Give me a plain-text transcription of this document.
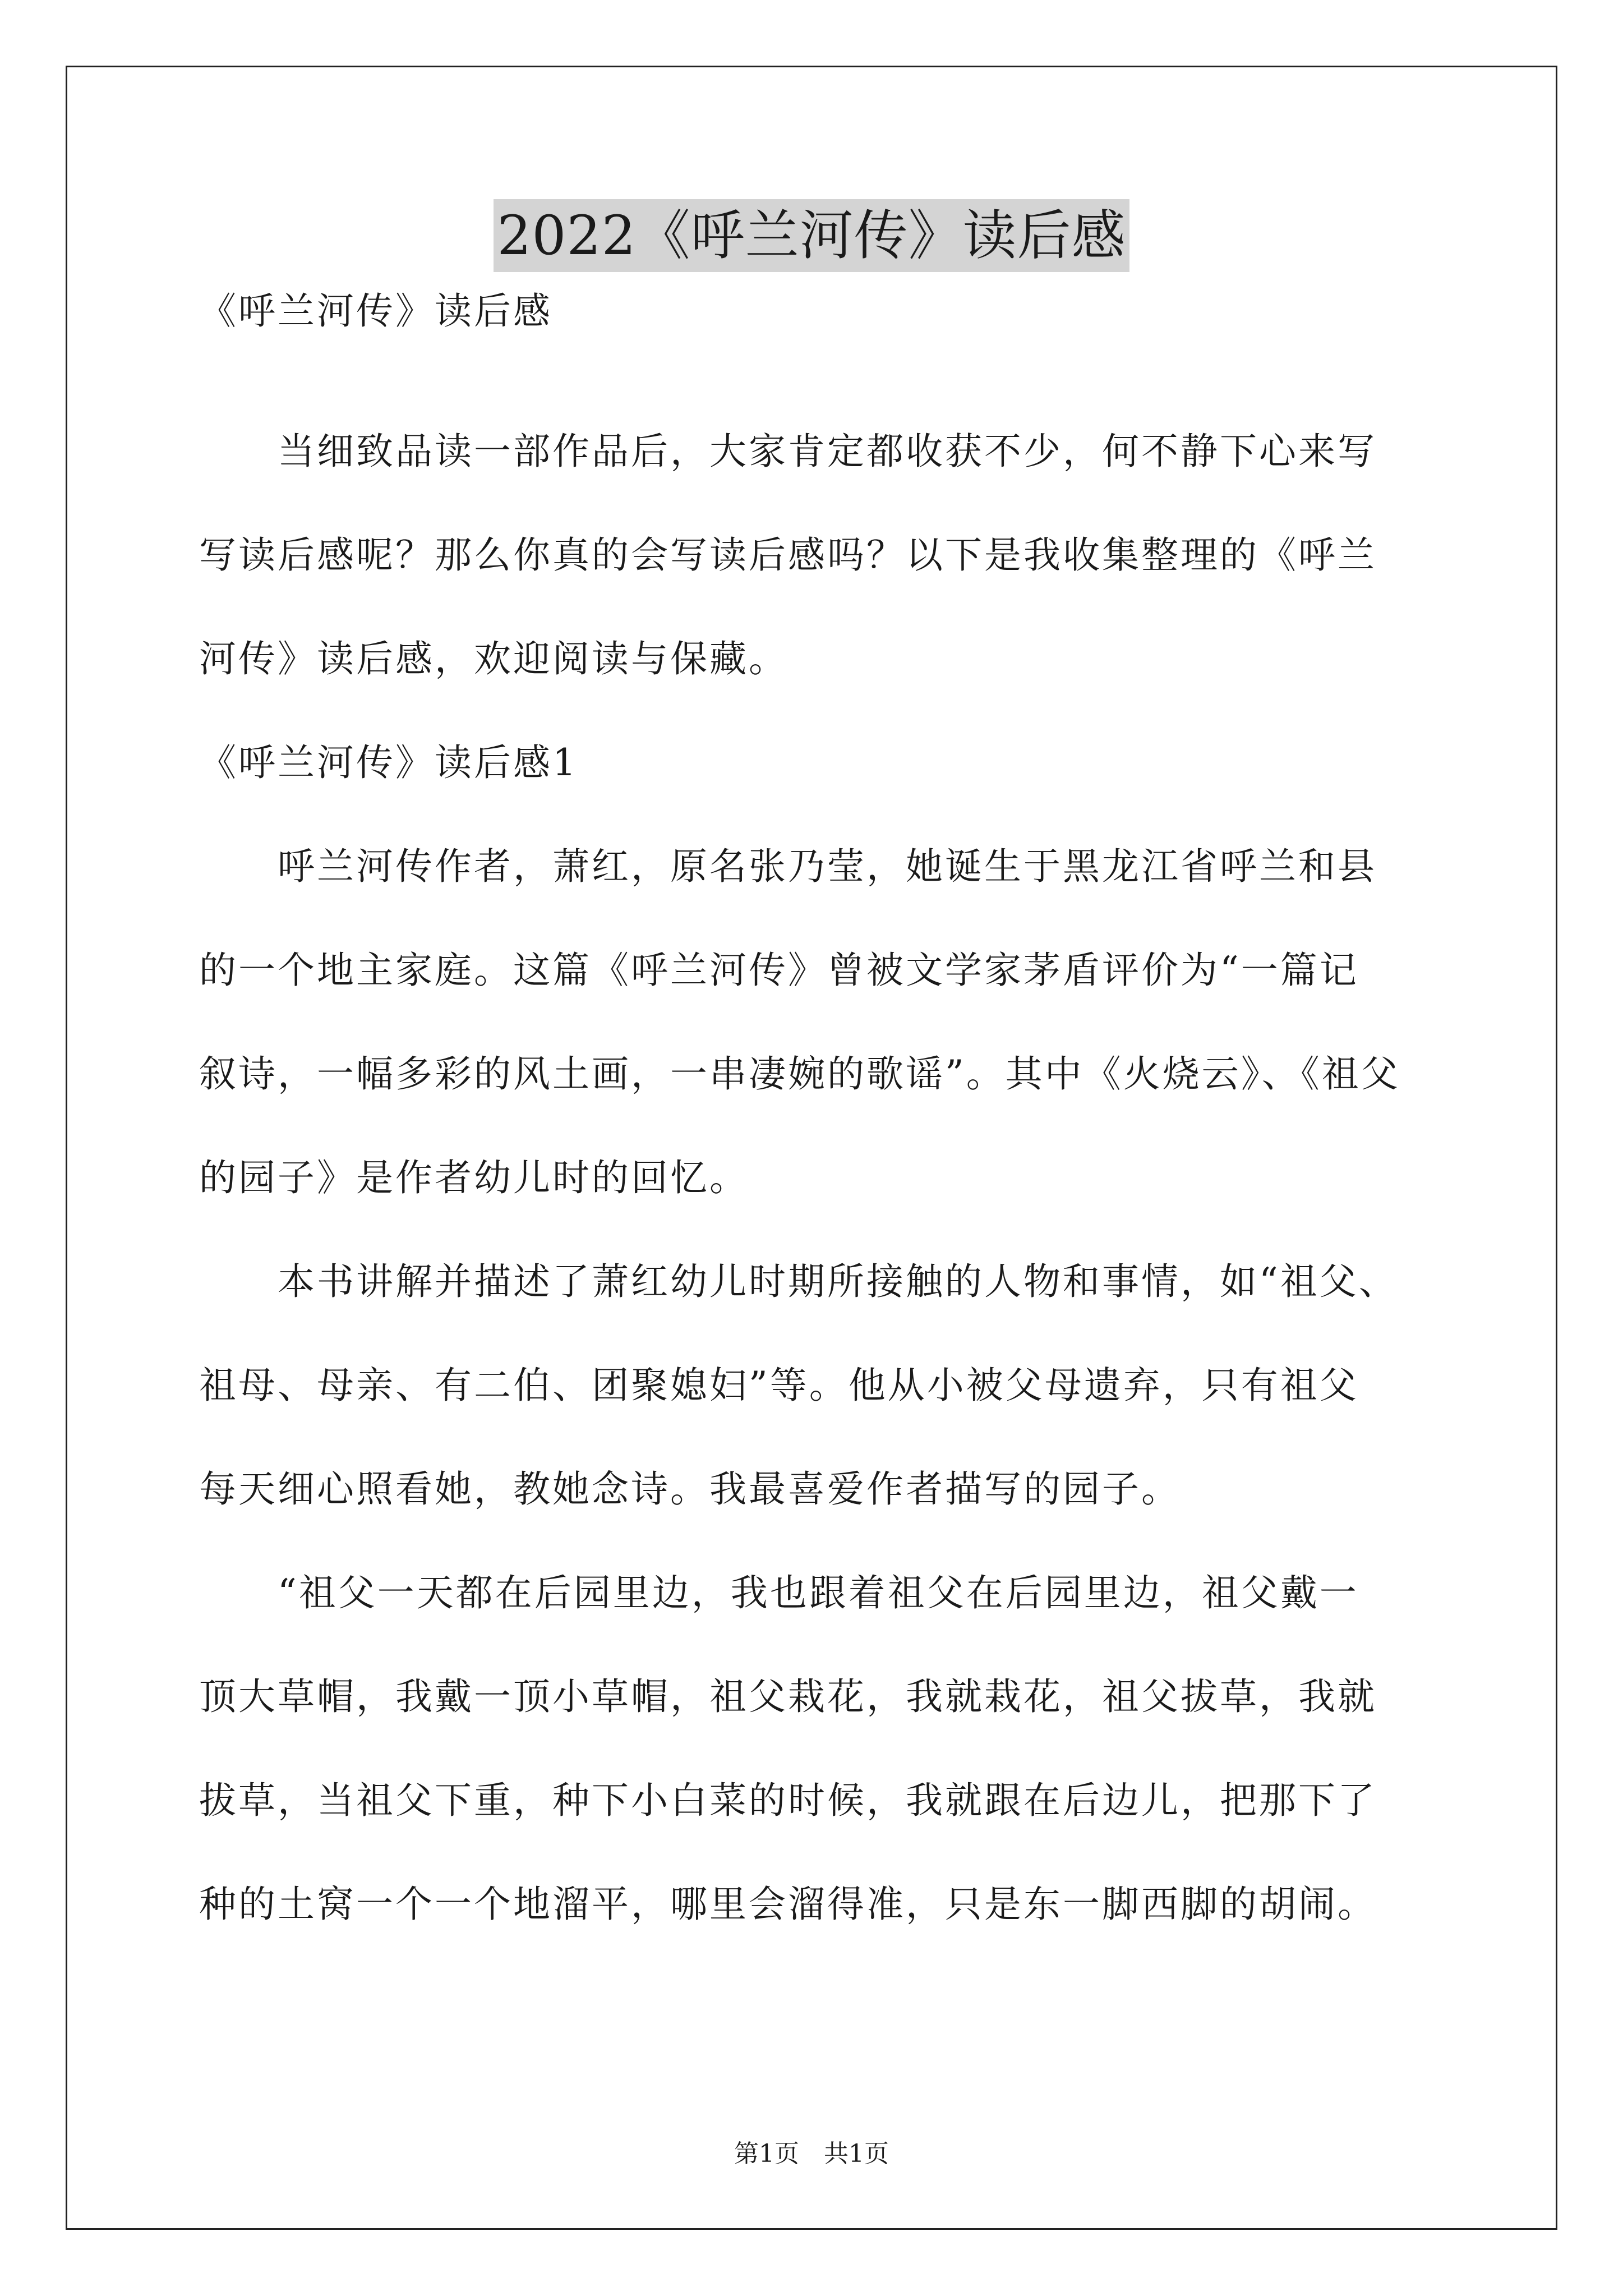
2022《呼兰河传》读后感
《呼兰河传》读后感
　　当细致品读一部作品后，大家肯定都收获不少，何不静下心来写
写读后感呢？那么你真的会写读后感吗？以下是我收集整理的《呼兰
河传》读后感，欢迎阅读与保藏。
《呼兰河传》读后感1
　　呼兰河传作者，萧红，原名张乃莹，她诞生于黑龙江省呼兰和县
的一个地主家庭。这篇《呼兰河传》曾被文学家茅盾评价为“一篇记
叙诗，一幅多彩的风土画，一串凄婉的歌谣”。其中《火烧云》、《祖父
的园子》是作者幼儿时的回忆。
　　本书讲解并描述了萧红幼儿时期所接触的人物和事情，如“祖父、
祖母、母亲、有二伯、团聚媳妇”等。他从小被父母遗弃，只有祖父
每天细心照看她，教她念诗。我最喜爱作者描写的园子。
　　“祖父一天都在后园里边，我也跟着祖父在后园里边，祖父戴一
顶大草帽，我戴一顶小草帽，祖父栽花，我就栽花，祖父拔草，我就
拔草，当祖父下重，种下小白菜的时候，我就跟在后边儿，把那下了
种的土窝一个一个地溜平，哪里会溜得准，只是东一脚西脚的胡闹。
第1页　共1页
